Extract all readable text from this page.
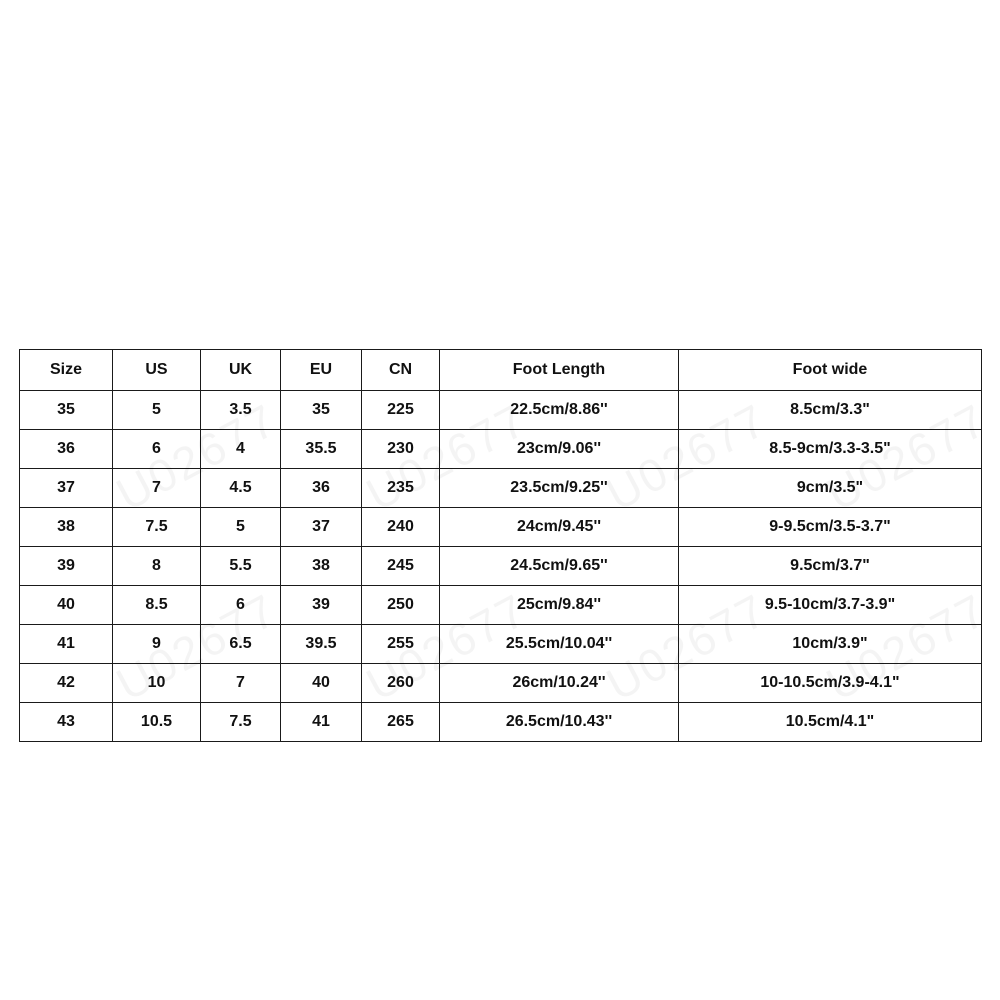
Size	US	UK	EU	CN	Foot Length	Foot wide
35	5	3.5	35	225	22.5cm/8.86''	8.5cm/3.3"
36	6	4	35.5	230	23cm/9.06''	8.5-9cm/3.3-3.5"
37	7	4.5	36	235	23.5cm/9.25''	9cm/3.5"
38	7.5	5	37	240	24cm/9.45''	9-9.5cm/3.5-3.7"
39	8	5.5	38	245	24.5cm/9.65''	9.5cm/3.7"
40	8.5	6	39	250	25cm/9.84''	9.5-10cm/3.7-3.9"
41	9	6.5	39.5	255	25.5cm/10.04''	10cm/3.9"
42	10	7	40	260	26cm/10.24''	10-10.5cm/3.9-4.1"
43	10.5	7.5	41	265	26.5cm/10.43''	10.5cm/4.1"
